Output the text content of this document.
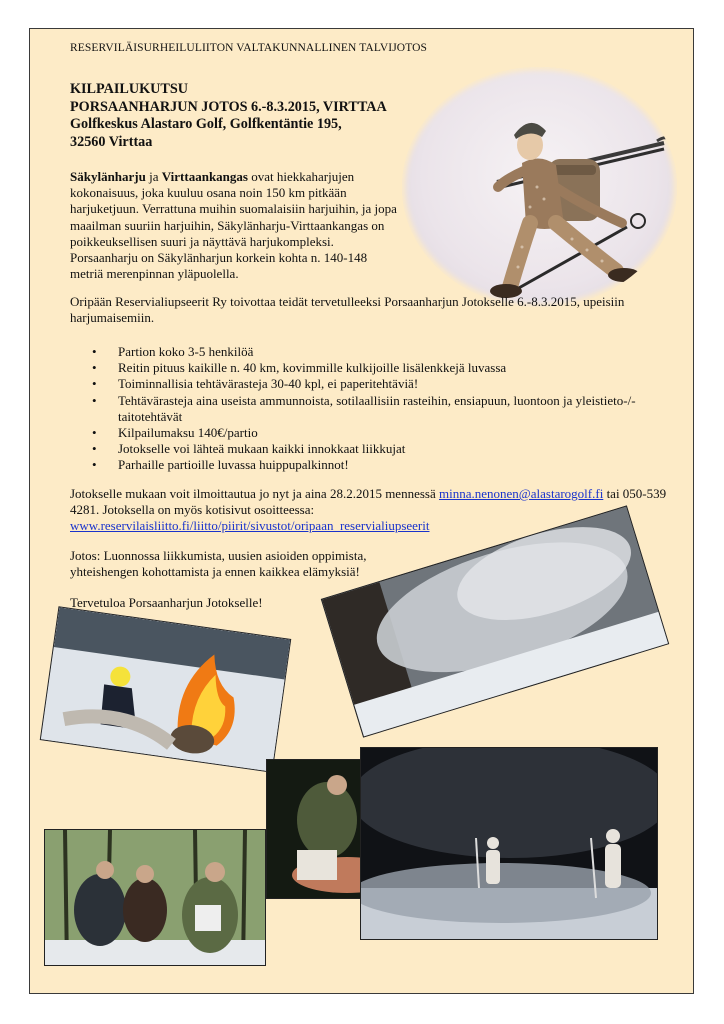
RESERVILÄISURHEILULIITON VALTAKUNNALLINEN TALVIJOTOS
KILPAILUKUTSU
PORSAANHARJUN JOTOS 6.-8.3.2015, VIRTTAA
Golfkeskus Alastaro Golf, Golfkentäntie 195,
32560 Virttaa

Säkylänharju ja Virttaankangas ovat hiekkaharjujen kokonaisuus, joka kuuluu osana noin 150 km pitkään harjuketjuun. Verrattuna muihin suomalaisiin harjuihin, ja jopa maailman suuriin harjuihin, Säkylänharju-Virttaankangas on poikkeuksellisen suuri ja näyttävä harjukompleksi. Porsaanharju on Säkylänharjun korkein kohta n. 140-148 metriä merenpinnan yläpuolella.

Oripään Reservialiupseerit Ry toivottaa teidät tervetulleeksi Porsaanharjun Jotokselle 6.-8.3.2015, upeisiin harjumaisemiin.
• Partion koko 3-5 henkilöä
• Reitin pituus kaikille n. 40 km, kovimmille kulkijoille lisälenkkejä luvassa
• Toiminnallisia tehtävärasteja 30-40 kpl, ei paperitehtäviä!
• Tehtävärasteja aina useista ammunnoista, sotilaallisiin rasteihin, ensiapuun, luontoon ja yleistieto-/-taitotehtävät
• Kilpailumaksu 140€/partio
• Jotokselle voi lähteä mukaan kaikki innokkaat liikkujat
• Parhaille partioille luvassa huippupalkinnot!
Jotokselle mukaan voit ilmoittautua jo nyt ja aina 28.2.2015 mennessä minna.nenonen@alastarogolf.fi tai 050-539 4281. Jotoksella on myös kotisivut osoitteessa:
www.reservilaisliitto.fi/liitto/piirit/sivustot/oripaan_reservialiupseerit
Jotos: Luonnossa liikkumista, uusien asioiden oppimista, yhteishengen kohottamista ja ennen kaikkea elämyksiä!
Tervetuloa Porsaanharjun Jotokselle!
